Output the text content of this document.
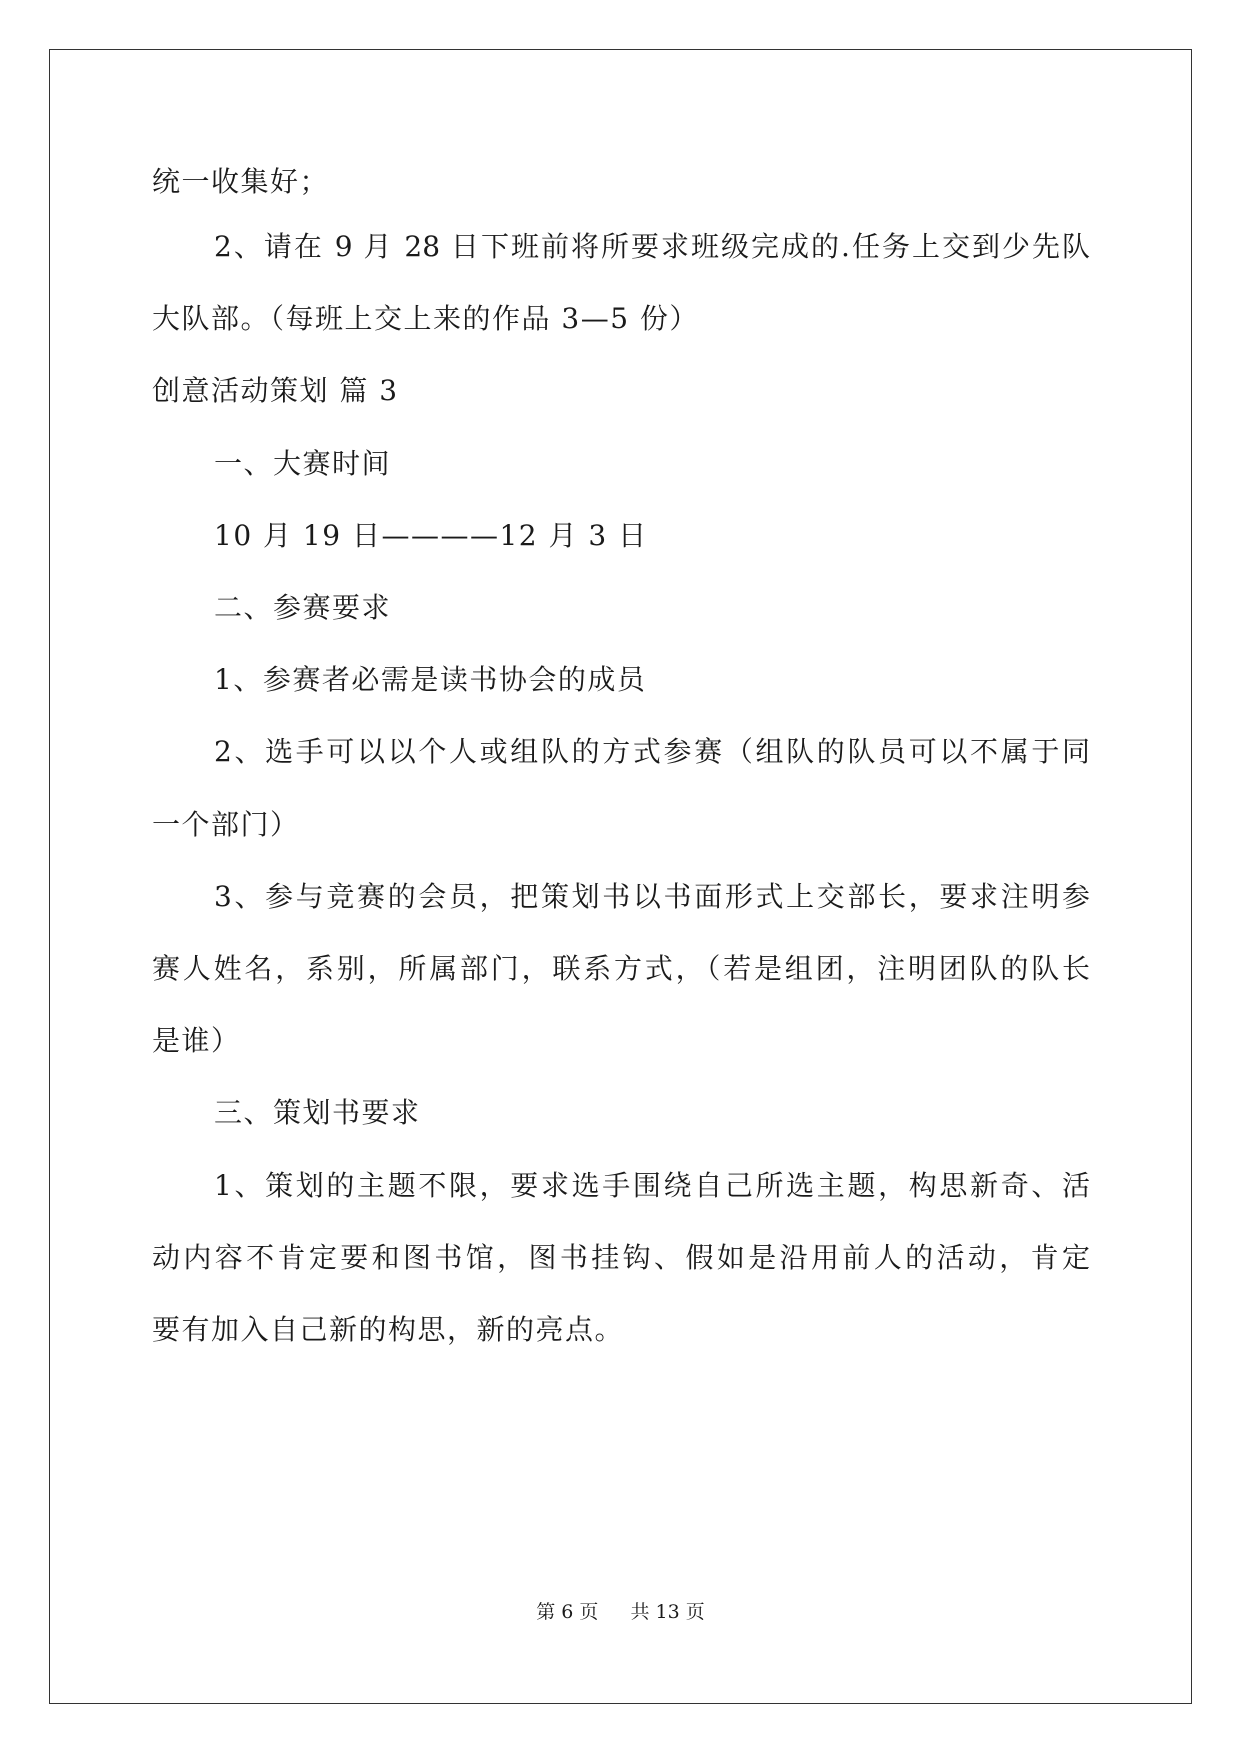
统一收集好；
2、请在 9 月 28 日下班前将所要求班级完成的.任务上交到少先队
大队部。（每班上交上来的作品 3—5 份）
创意活动策划 篇 3
一、大赛时间
10 月 19 日————12 月 3 日
二、参赛要求
1、参赛者必需是读书协会的成员
2、选手可以以个人或组队的方式参赛（组队的队员可以不属于同
一个部门）
3、参与竞赛的会员，把策划书以书面形式上交部长，要求注明参
赛人姓名，系别，所属部门，联系方式，（若是组团，注明团队的队长
是谁）
三、策划书要求
1、策划的主题不限，要求选手围绕自己所选主题，构思新奇、活
动内容不肯定要和图书馆，图书挂钩、假如是沿用前人的活动，肯定
要有加入自己新的构思，新的亮点。
第 6 页 共 13 页
